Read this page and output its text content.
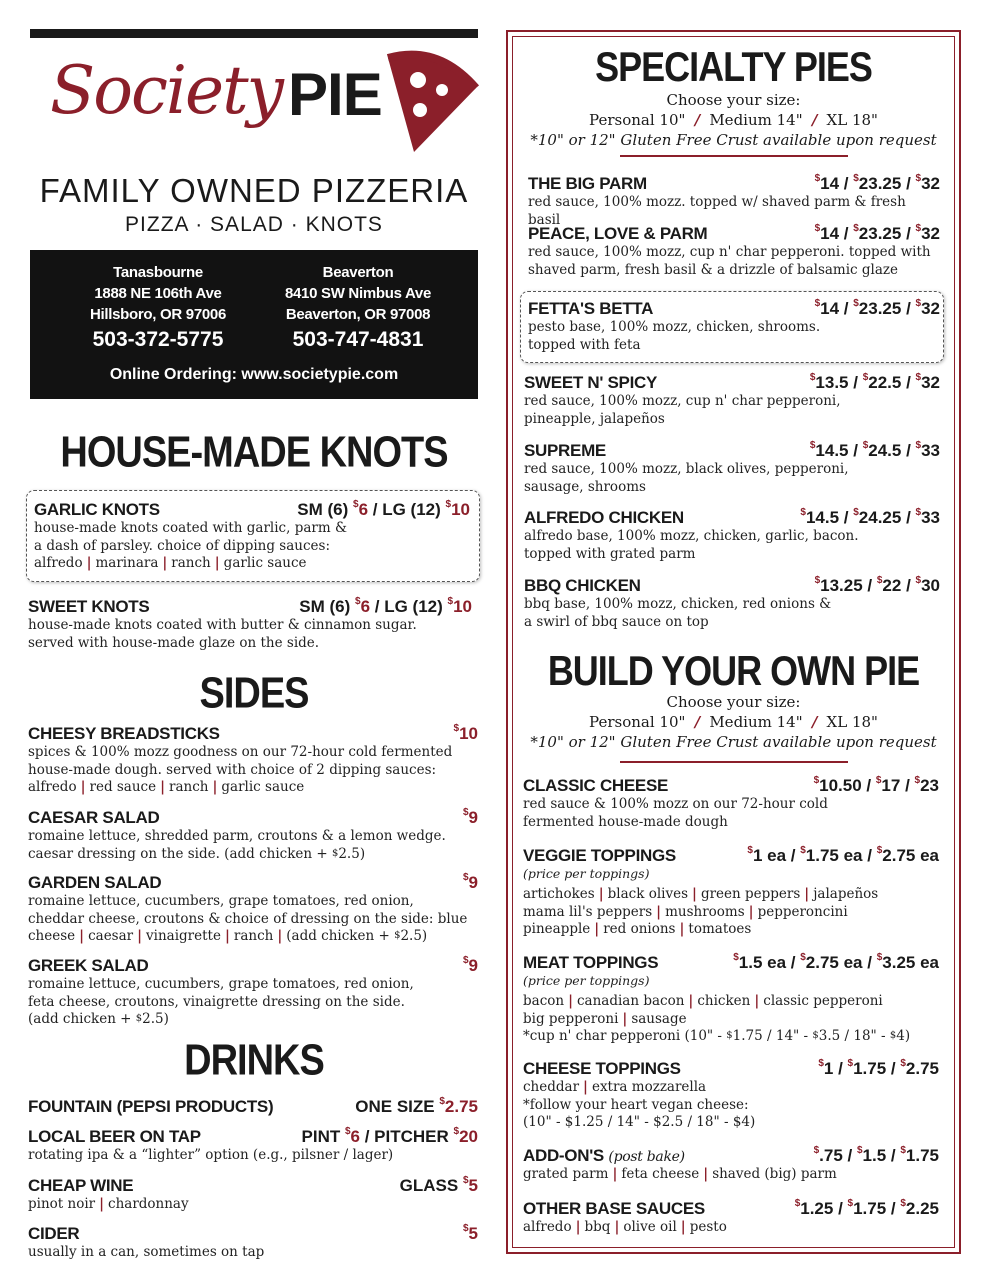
Society PIE
FAMILY OWNED PIZZERIA
PIZZA · SALAD · KNOTS
Tanasbourne
1888 NE 106th Ave
Hillsboro, OR 97006
503-372-5775
Beaverton
8410 SW Nimbus Ave
Beaverton, OR 97008
503-747-4831
Online Ordering: www.societypie.com
HOUSE-MADE KNOTS
GARLIC KNOTS	SM (6) $6 / LG (12) $10
house-made knots coated with garlic, parm &
a dash of parsley. choice of dipping sauces:
alfredo | marinara | ranch | garlic sauce
SWEET KNOTS	SM (6) $6 / LG (12) $10
house-made knots coated with butter & cinnamon sugar.
served with house-made glaze on the side.
SIDES
CHEESY BREADSTICKS	$10
spices & 100% mozz goodness on our 72-hour cold fermented
house-made dough. served with choice of 2 dipping sauces:
alfredo | red sauce | ranch | garlic sauce
CAESAR SALAD	$9
romaine lettuce, shredded parm, croutons & a lemon wedge.
caesar dressing on the side. (add chicken + $2.5)
GARDEN SALAD	$9
romaine lettuce, cucumbers, grape tomatoes, red onion,
cheddar cheese, croutons & choice of dressing on the side: blue
cheese | caesar | vinaigrette | ranch | (add chicken + $2.5)
GREEK SALAD	$9
romaine lettuce, cucumbers, grape tomatoes, red onion,
feta cheese, croutons, vinaigrette dressing on the side.
(add chicken + $2.5)
DRINKS
FOUNTAIN (PEPSI PRODUCTS)	ONE SIZE $2.75
LOCAL BEER ON TAP	PINT $6 / PITCHER $20
rotating ipa & a “lighter” option (e.g., pilsner / lager)
CHEAP WINE	GLASS $5
pinot noir | chardonnay
CIDER	$5
usually in a can, sometimes on tap
SPECIALTY PIES
Choose your size:
Personal 10" / Medium 14" / XL 18"
*10" or 12" Gluten Free Crust available upon request
THE BIG PARM	$14 / $23.25 / $32
red sauce, 100% mozz. topped w/ shaved parm & fresh basil
PEACE, LOVE & PARM	$14 / $23.25 / $32
red sauce, 100% mozz, cup n' char pepperoni. topped with
shaved parm, fresh basil & a drizzle of balsamic glaze
FETTA'S BETTA	$14 / $23.25 / $32
pesto base, 100% mozz, chicken, shrooms.
topped with feta
SWEET N' SPICY	$13.5 / $22.5 / $32
red sauce, 100% mozz, cup n' char pepperoni,
pineapple, jalapeños
SUPREME	$14.5 / $24.5 / $33
red sauce, 100% mozz, black olives, pepperoni,
sausage, shrooms
ALFREDO CHICKEN	$14.5 / $24.25 / $33
alfredo base, 100% mozz, chicken, garlic, bacon.
topped with grated parm
BBQ CHICKEN	$13.25 / $22 / $30
bbq base, 100% mozz, chicken, red onions &
a swirl of bbq sauce on top
BUILD YOUR OWN PIE
Choose your size:
Personal 10" / Medium 14" / XL 18"
*10" or 12" Gluten Free Crust available upon request
CLASSIC CHEESE	$10.50 / $17 / $23
red sauce & 100% mozz on our 72-hour cold
fermented house-made dough
VEGGIE TOPPINGS	$1 ea / $1.75 ea / $2.75 ea
(price per toppings)
artichokes | black olives | green peppers | jalapeños
mama lil's peppers | mushrooms | pepperoncini
pineapple | red onions | tomatoes
MEAT TOPPINGS	$1.5 ea / $2.75 ea / $3.25 ea
(price per toppings)
bacon | canadian bacon | chicken | classic pepperoni
big pepperoni | sausage
*cup n' char pepperoni (10" - $1.75 / 14" - $3.5 / 18" - $4)
CHEESE TOPPINGS	$1 / $1.75 / $2.75
cheddar | extra mozzarella
*follow your heart vegan cheese:
(10" - $1.25 / 14" - $2.5 / 18" - $4)
ADD-ON'S (post bake)	$.75 / $1.5 / $1.75
grated parm | feta cheese | shaved (big) parm
OTHER BASE SAUCES	$1.25 / $1.75 / $2.25
alfredo | bbq | olive oil | pesto
